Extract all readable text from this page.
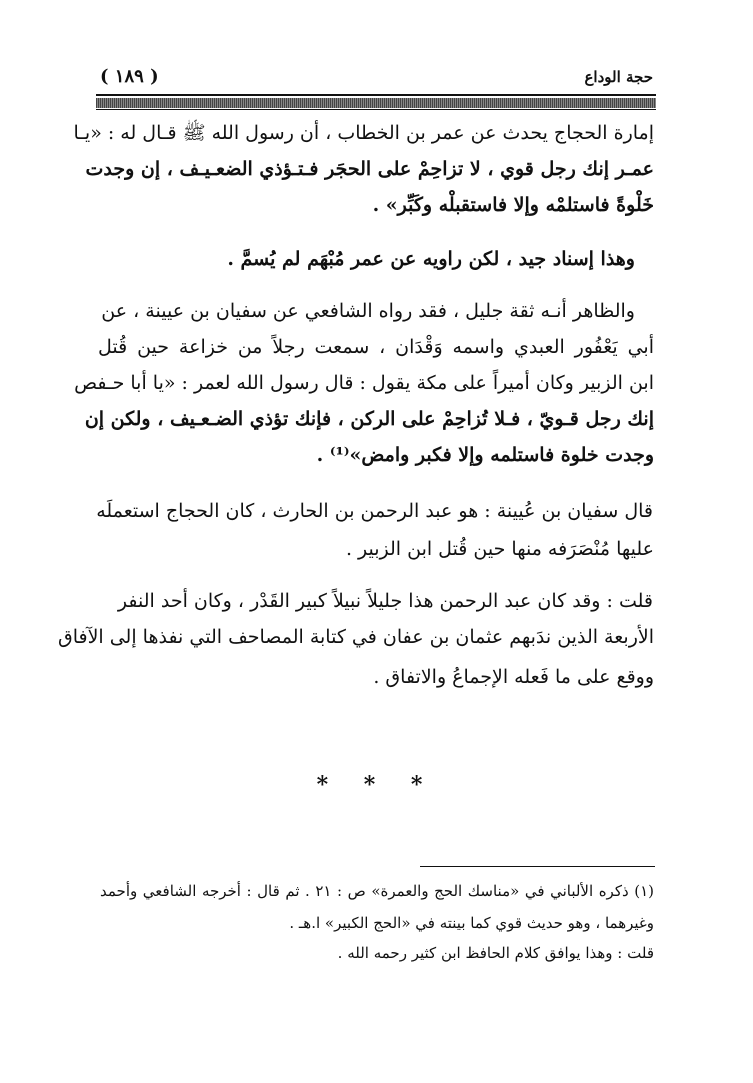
حجة الوداع
( ١٨٩ )
إمارة الحجاج يحدث عن عمر بن الخطاب ، أن رسول الله ﷺ قـال له : «يـا
عمـر إنك رجل قوي ، لا تزاحِمْ على الحجَر فـتـؤذي الضعـيـف ، إن وجدت
خَلْوةً فاستلمْه وإلا فاستقبلْه وكَبِّر» .
وهذا إسناد جيد ، لكن راويه عن عمر مُبْهَم لم يُسمَّ .
والظاهر أنـه ثقة جليل ، فقد رواه الشافعي عن سفيان بن عيينة ، عن
أبي يَعْفُور العبدي واسمه وَقْدَان ، سمعت رجلاً من خزاعة حين قُتل
ابن الزبير وكان أميراً على مكة يقول : قال رسول الله لعمر : «يا أبا حـفص
إنك رجل قـويّ ، فـلا تُزاحِمْ على الركن ، فإنك تؤذي الضـعـيف ، ولكن إن
وجدت خلوة فاستلمه وإلا فكبر وامض»⁽¹⁾ .
قال سفيان بن عُيينة : هو عبد الرحمن بن الحارث ، كان الحجاج استعملَه
عليها مُنْصَرَفه منها حين قُتل ابن الزبير .
قلت : وقد كان عبد الرحمن هذا جليلاً نبيلاً كبير القَدْر ، وكان أحد النفر
الأربعة الذين ندَبهم عثمان بن عفان في كتابة المصاحف التي نفذها إلى الآفاق
ووقع على ما فَعله الإجماعُ والاتفاق .
* * *
(١) ذكره الألباني في «مناسك الحج والعمرة» ص : ٢١ . ثم قال : أخرجه الشافعي وأحمد
وغيرهما ، وهو حديث قوي كما بينته في «الحج الكبير» ا.هـ .
قلت : وهذا يوافق كلام الحافظ ابن كثير رحمه الله .
